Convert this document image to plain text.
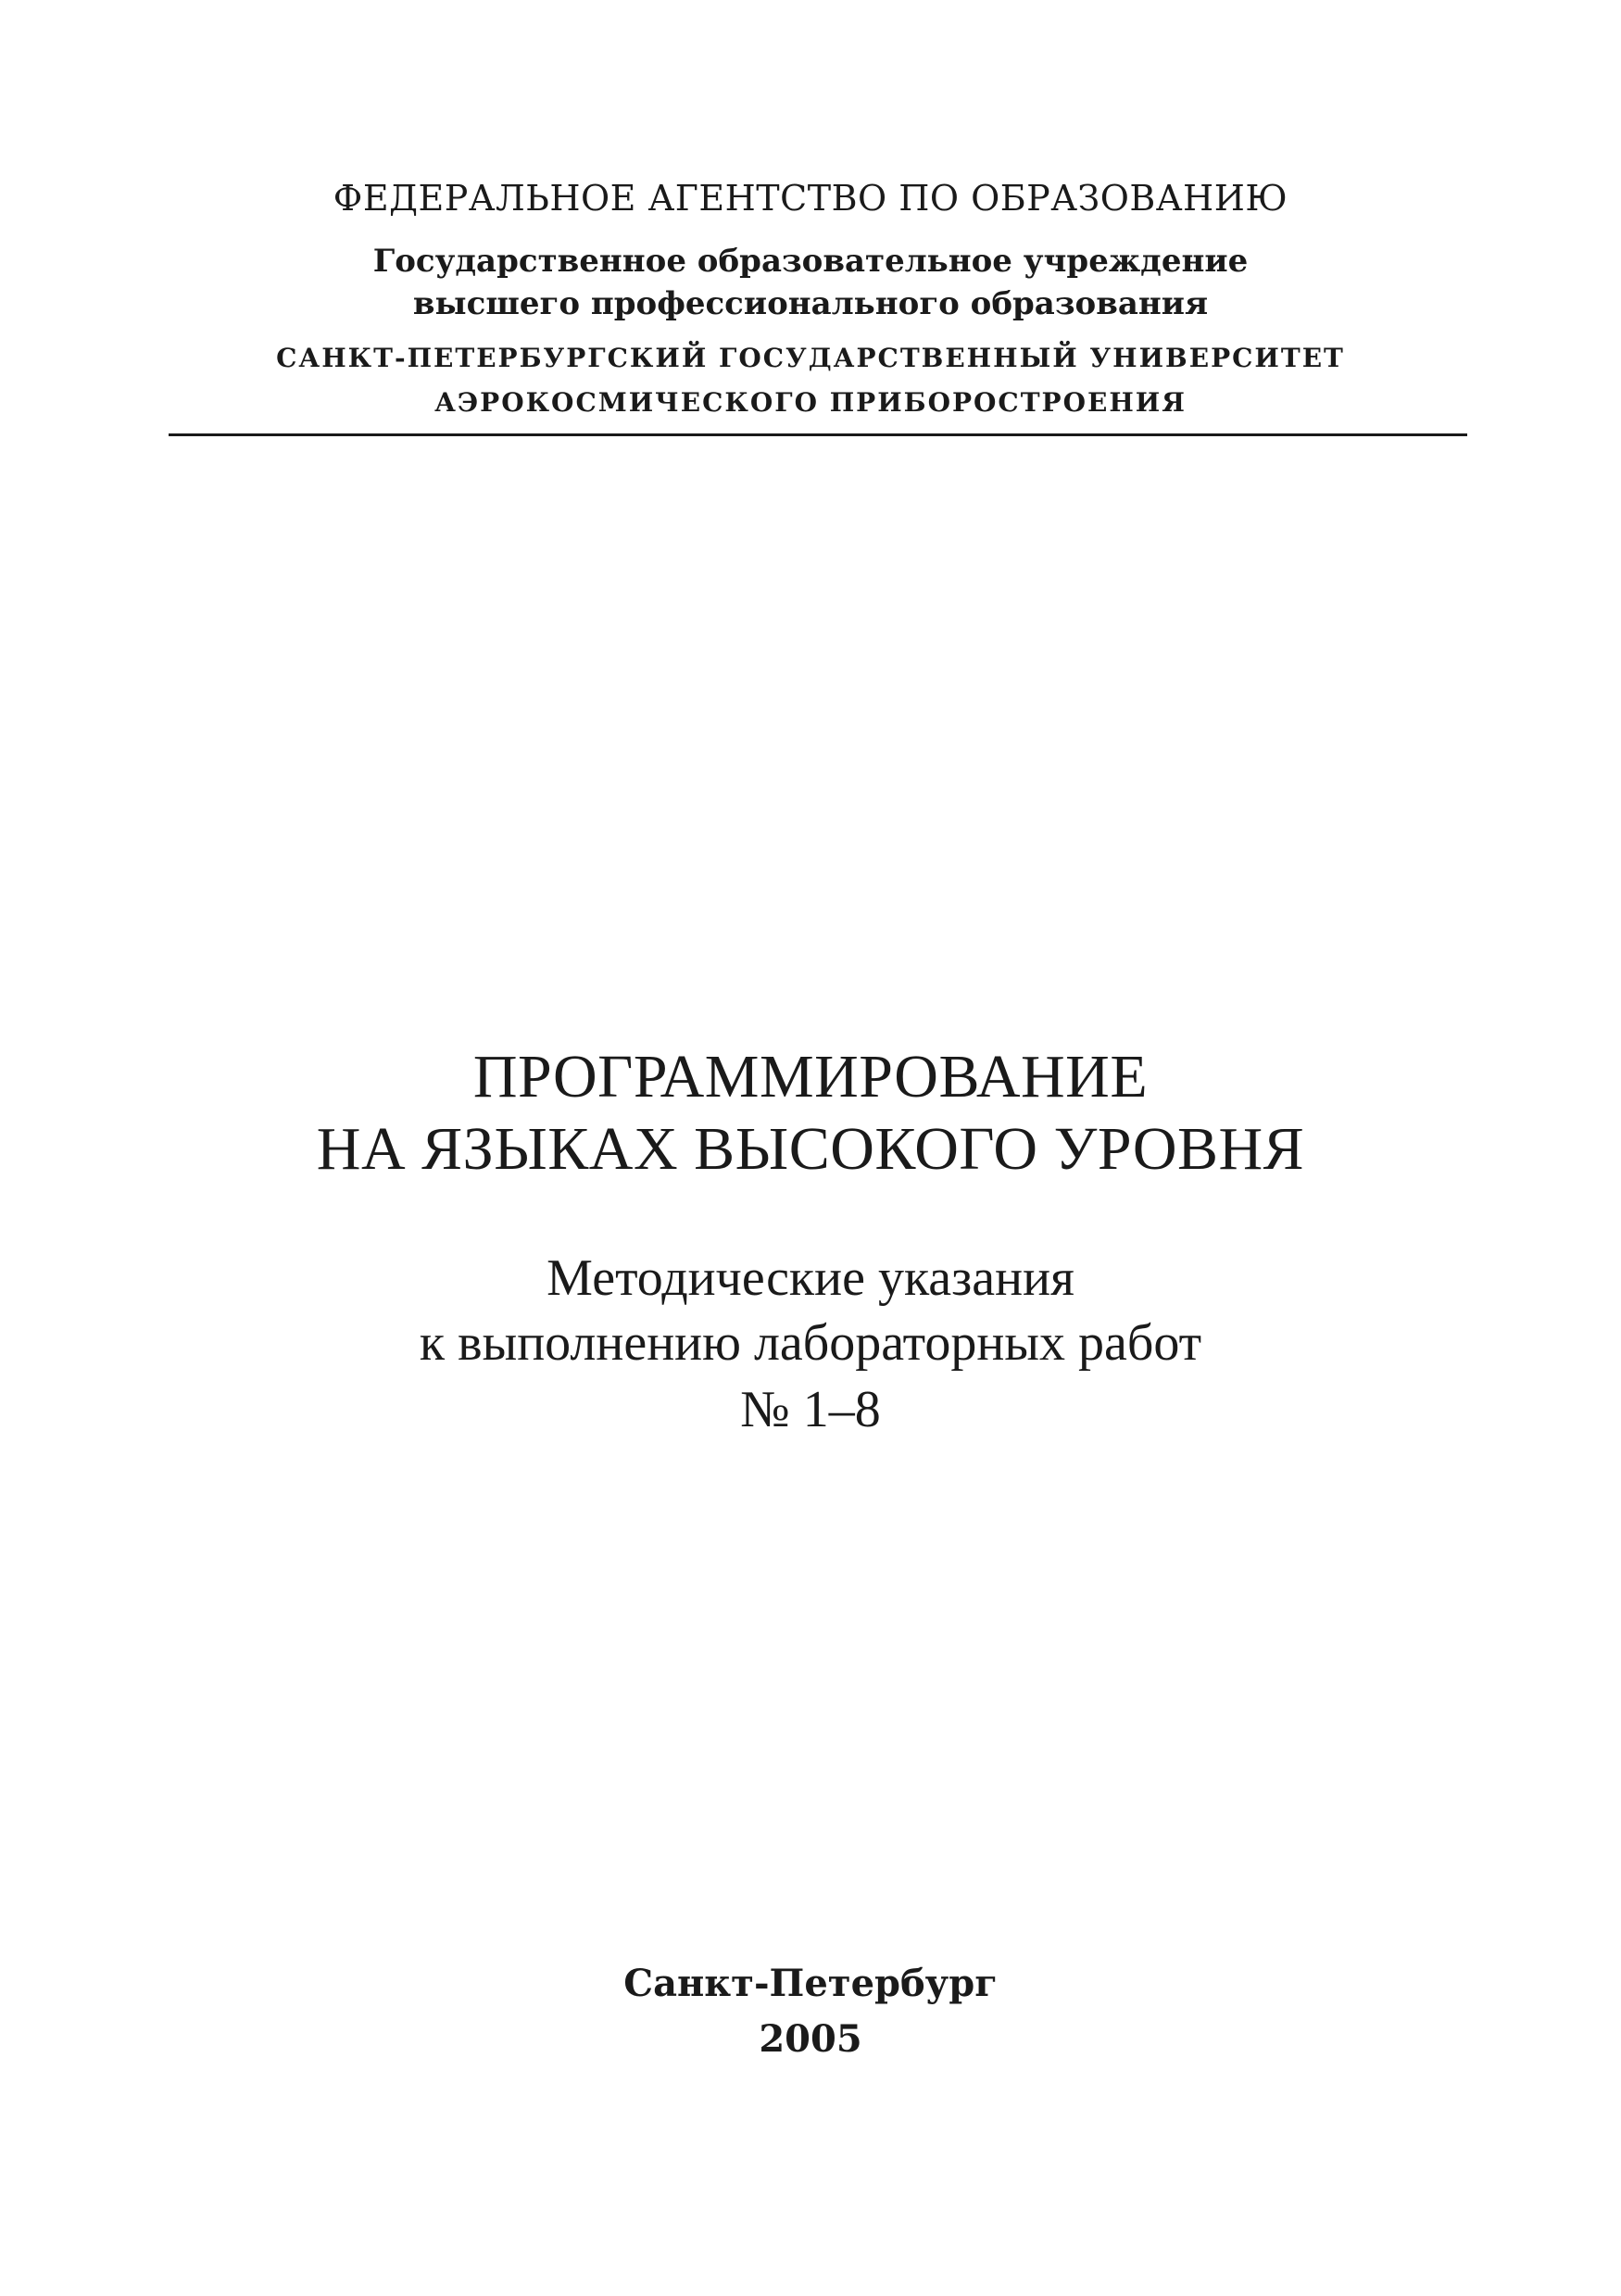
ФЕДЕРАЛЬНОЕ АГЕНТСТВО ПО ОБРАЗОВАНИЮ
Государственное образовательное учреждение
высшего профессионального образования
САНКТ-ПЕТЕРБУРГСКИЙ ГОСУДАРСТВЕННЫЙ УНИВЕРСИТЕТ
АЭРОКОСМИЧЕСКОГО ПРИБОРОСТРОЕНИЯ
ПРОГРАММИРОВАНИЕ
НА ЯЗЫКАХ ВЫСОКОГО УРОВНЯ
Методические указания
к выполнению лабораторных работ
№ 1–8
Санкт-Петербург
2005
